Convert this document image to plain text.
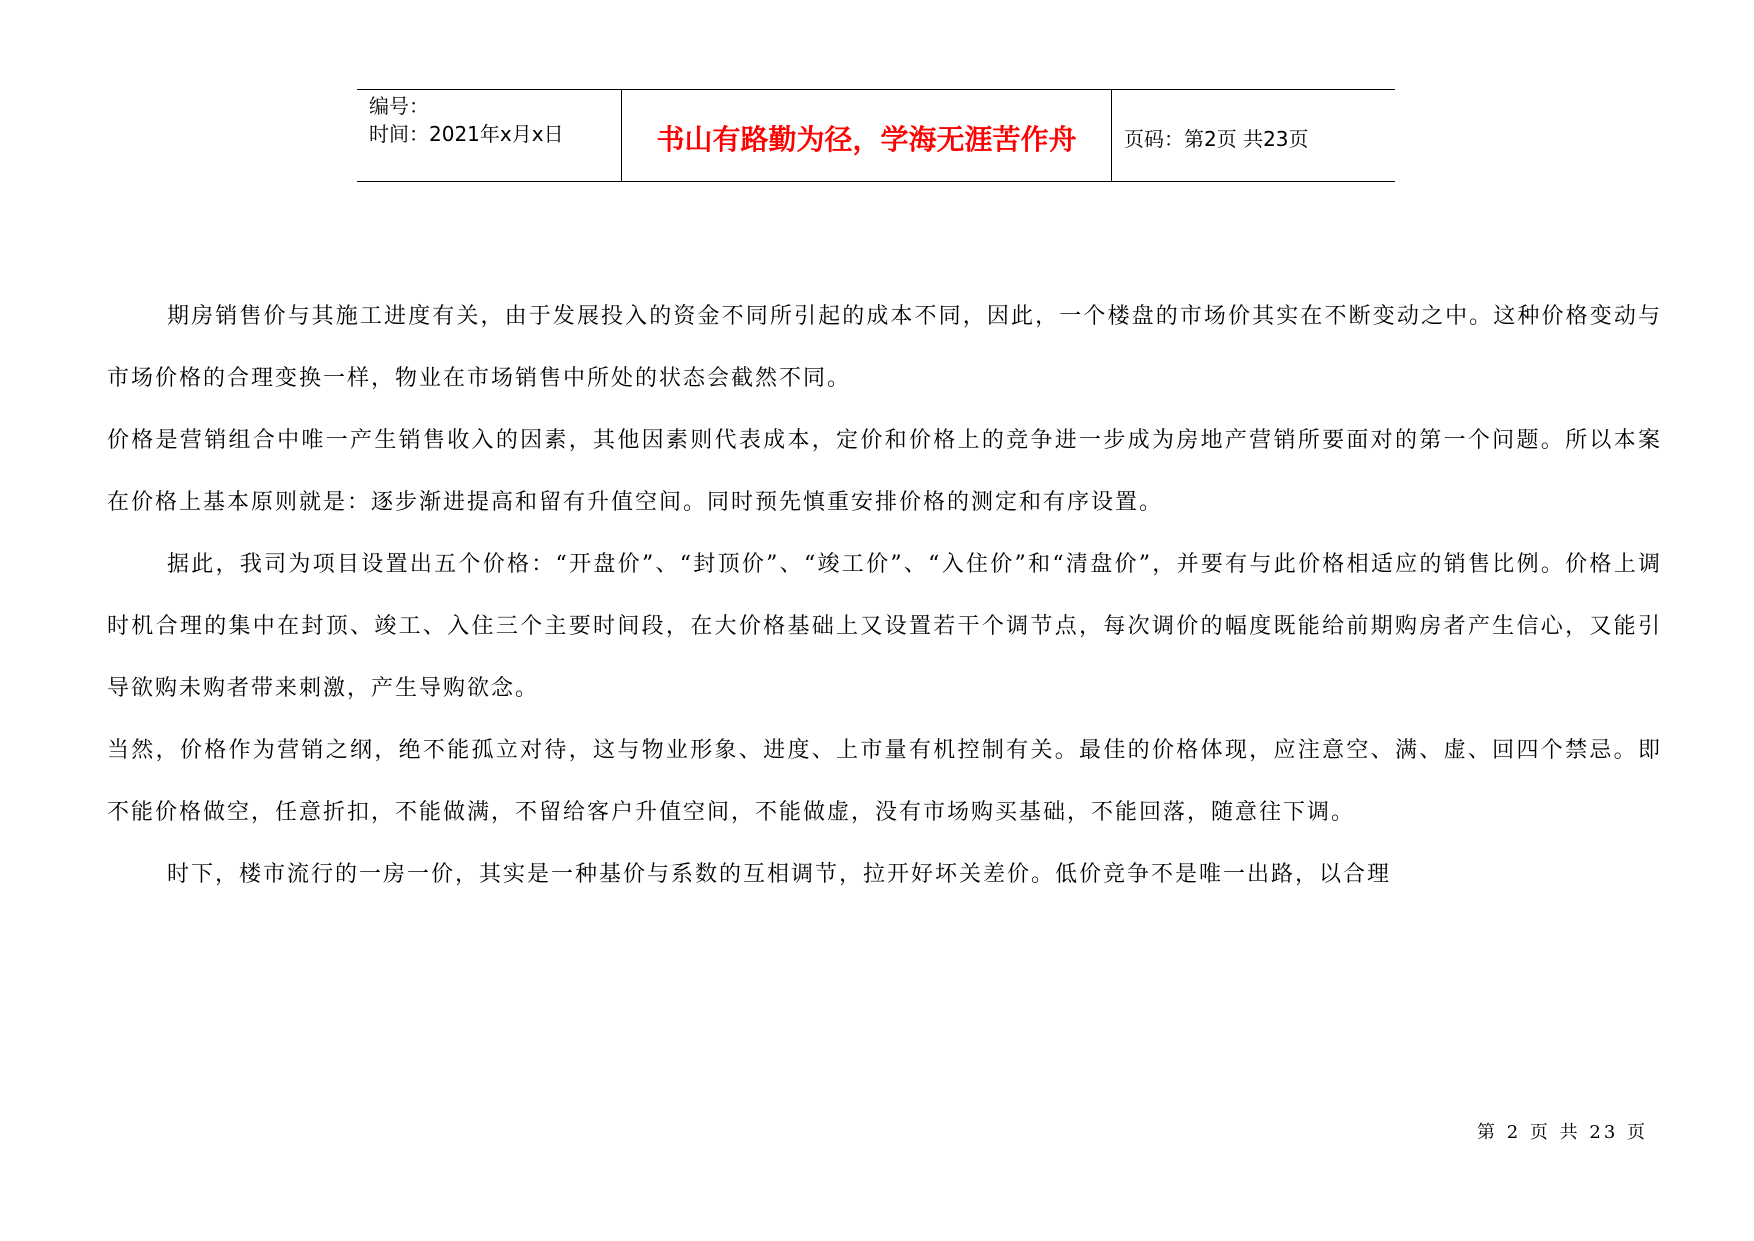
编号：
时间：2021年x月x日	书山有路勤为径，学海无涯苦作舟	页码：第2页 共23页

期房销售价与其施工进度有关，由于发展投入的资金不同所引起的成本不同，因此，一个楼盘的市场价其实在不断变动之中。这种价格变动与市场价格的合理变换一样，物业在市场销售中所处的状态会截然不同。

价格是营销组合中唯一产生销售收入的因素，其他因素则代表成本，定价和价格上的竞争进一步成为房地产营销所要面对的第一个问题。所以本案在价格上基本原则就是：逐步渐进提高和留有升值空间。同时预先慎重安排价格的测定和有序设置。

据此，我司为项目设置出五个价格：“开盘价”、“封顶价”、“竣工价”、“入住价”和“清盘价”，并要有与此价格相适应的销售比例。价格上调时机合理的集中在封顶、竣工、入住三个主要时间段，在大价格基础上又设置若干个调节点，每次调价的幅度既能给前期购房者产生信心，又能引导欲购未购者带来刺激，产生导购欲念。

当然，价格作为营销之纲，绝不能孤立对待，这与物业形象、进度、上市量有机控制有关。最佳的价格体现，应注意空、满、虚、回四个禁忌。即不能价格做空，任意折扣，不能做满，不留给客户升值空间，不能做虚，没有市场购买基础，不能回落，随意往下调。

时下，楼市流行的一房一价，其实是一种基价与系数的互相调节，拉开好坏关差价。低价竞争不是唯一出路，以合理

第 2 页 共 23 页
